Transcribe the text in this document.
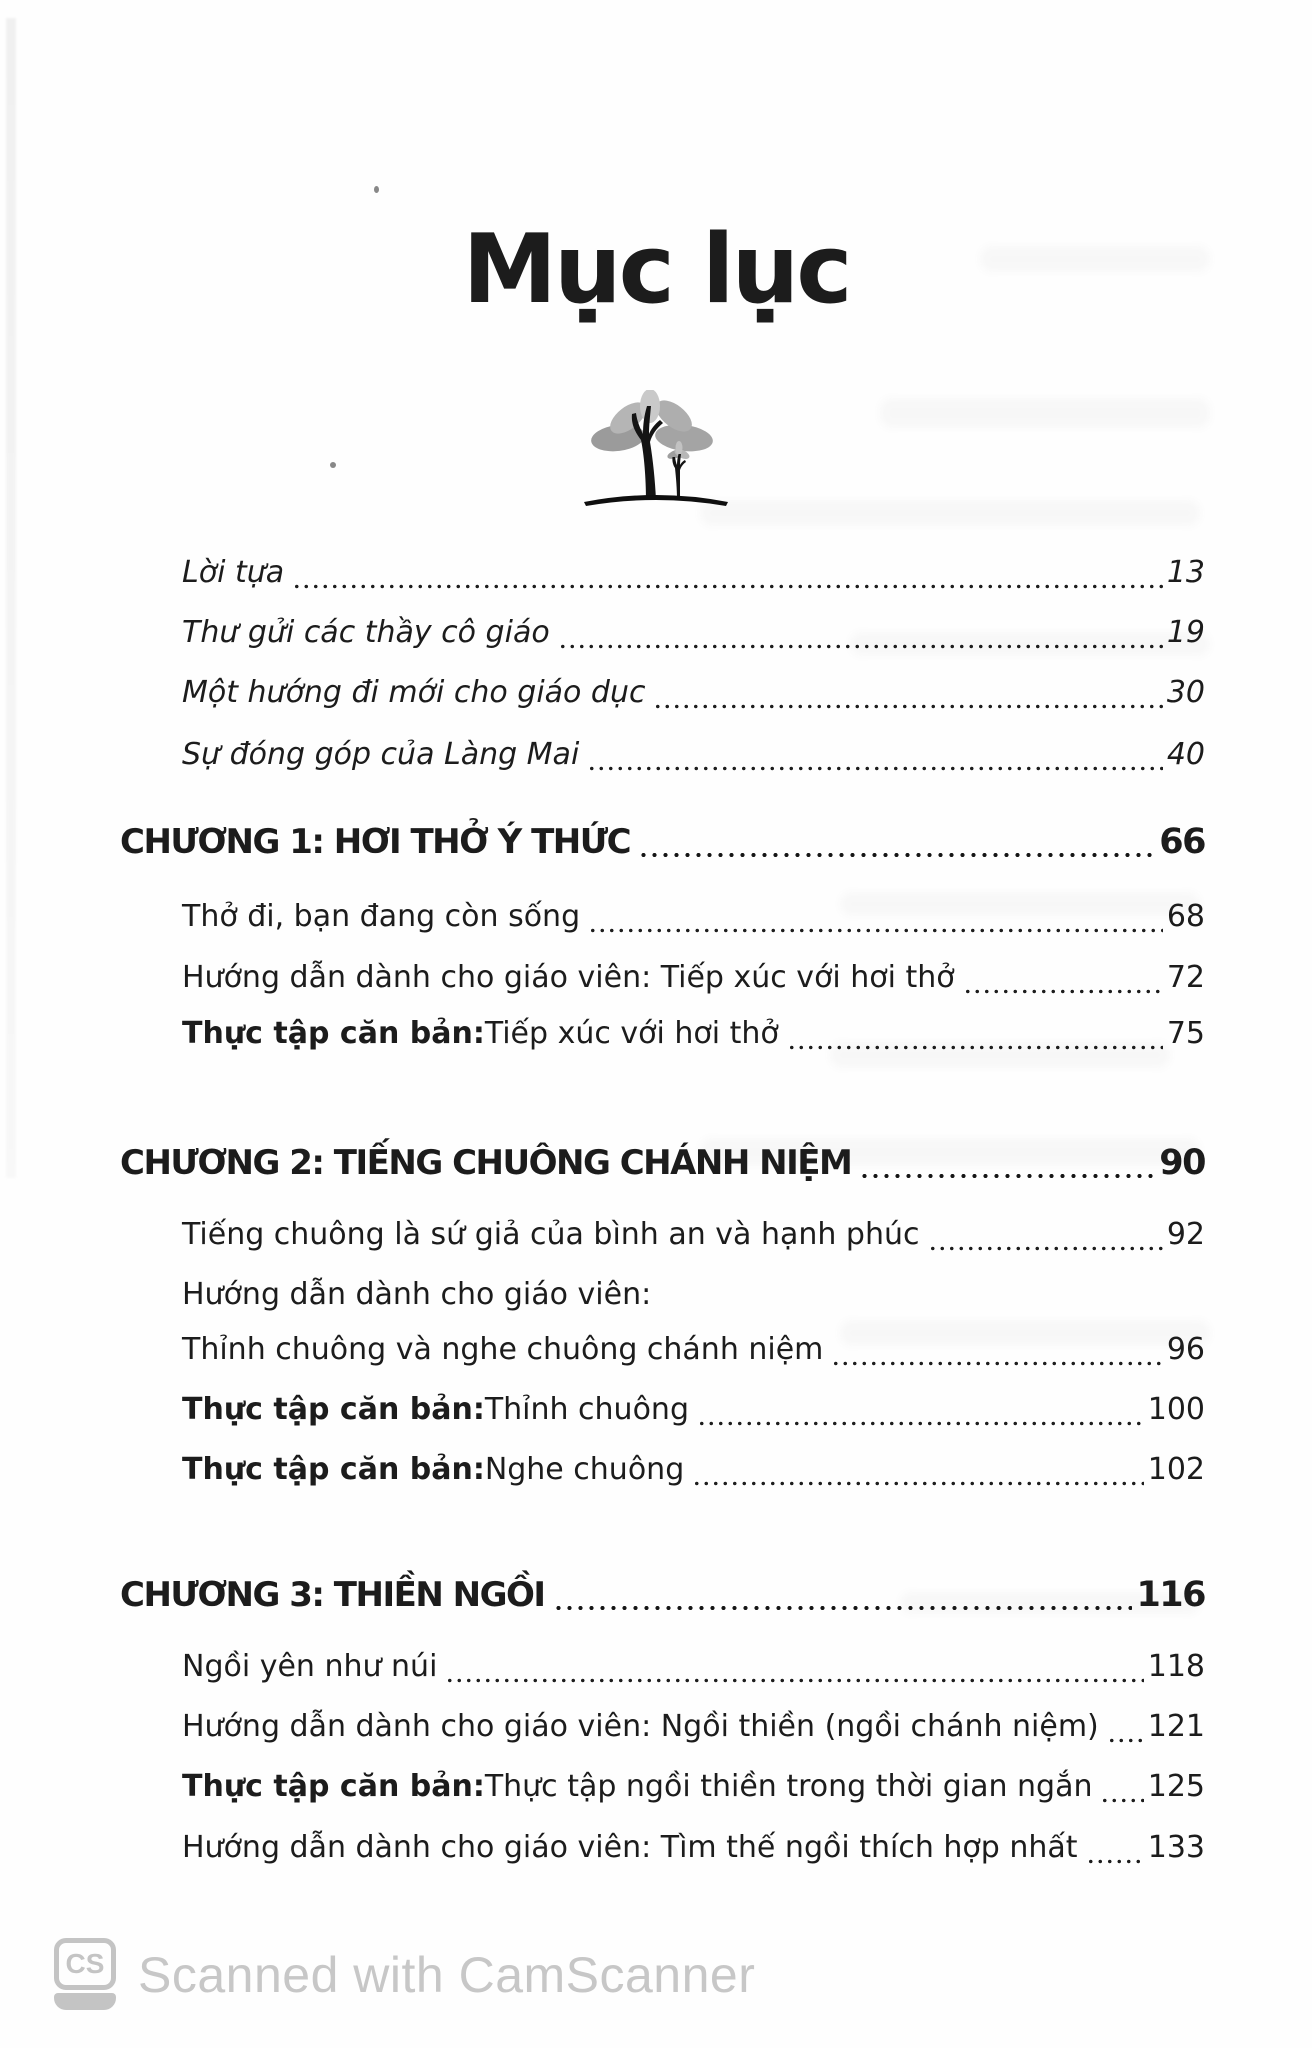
Mục lục
Lời tựa	13
Thư gửi các thầy cô giáo	19
Một hướng đi mới cho giáo dục	30
Sự đóng góp của Làng Mai	40
CHƯƠNG 1: HƠI THỞ Ý THỨC	66
Thở đi, bạn đang còn sống	68
Hướng dẫn dành cho giáo viên: Tiếp xúc với hơi thở	72
Thực tập căn bản: Tiếp xúc với hơi thở	75
CHƯƠNG 2: TIẾNG CHUÔNG CHÁNH NIỆM	90
Tiếng chuông là sứ giả của bình an và hạnh phúc	92
Hướng dẫn dành cho giáo viên:
Thỉnh chuông và nghe chuông chánh niệm	96
Thực tập căn bản: Thỉnh chuông	100
Thực tập căn bản: Nghe chuông	102
CHƯƠNG 3: THIỀN NGỒI	116
Ngồi yên như núi	118
Hướng dẫn dành cho giáo viên: Ngồi thiền (ngồi chánh niệm) 121
Thực tập căn bản: Thực tập ngồi thiền trong thời gian ngắn 125
Hướng dẫn dành cho giáo viên: Tìm thế ngồi thích hợp nhất 133
CS Scanned with CamScanner
